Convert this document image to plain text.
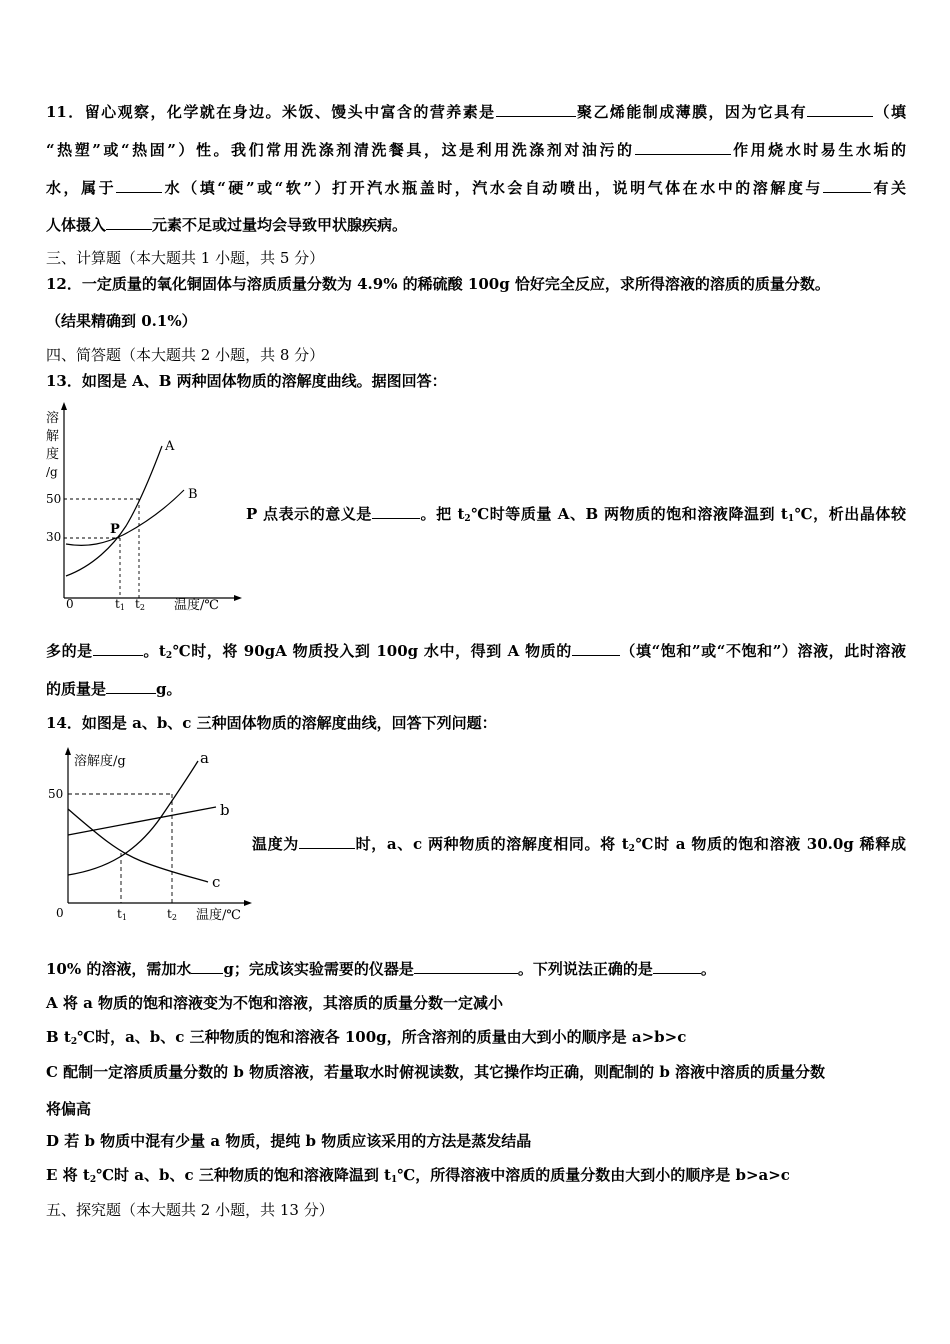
11．留心观察，化学就在身边。米饭、馒头中富含的营养素是	聚乙烯能制成薄膜，因为它具有	（填
“热塑”或“热固”）性。我们常用洗涤剂清洗餐具，这是利用洗涤剂对油污的	作用烧水时易生水垢的
水，属于	水（填“硬”或“软”）打开汽水瓶盖时，汽水会自动喷出，说明气体在水中的溶解度与	有关
人体摄入	元素不足或过量均会导致甲状腺疾病。
三、计算题（本大题共 1 小题，共 5 分）
12．一定质量的氧化铜固体与溶质质量分数为 4.9% 的稀硫酸 100g 恰好完全反应，求所得溶液的溶质的质量分数。
（结果精确到 0.1%）
四、简答题（本大题共 2 小题，共 8 分）
13．如图是 A、B 两种固体物质的溶解度曲线。据图回答：
溶
解
度
/g
50
30
0
A
B
P
t1 t2 温度/℃
P 点表示的意义是	。把 $t_2℃$时等质量 A、B 两物质的饱和溶液降温到 $t_1℃$，析出晶体较
多的是	。$t_2℃$时，将 90gA 物质投入到 100g 水中，得到 A 物质的	（填“饱和”或“不饱和”）溶液，此时溶液
的质量是	g。
14．如图是 a、b、c 三种固体物质的溶解度曲线，回答下列问题：
溶解度/g
50
0
a
b
c
t1	t2 温度/℃
温度为	时，a、c 两种物质的溶解度相同。将 $t_2℃$时 a 物质的饱和溶液 30.0g 稀释成
10% 的溶液，需加水 g；完成该实验需要的仪器是	。下列说法正确的是	。
A 将 a 物质的饱和溶液变为不饱和溶液，其溶质的质量分数一定减小
B $t_2℃$时，a、b、c 三种物质的饱和溶液各 100g，所含溶剂的质量由大到小的顺序是 a>b>c
C 配制一定溶质质量分数的 b 物质溶液，若量取水时俯视读数，其它操作均正确，则配制的 b 溶液中溶质的质量分数
将偏高
D 若 b 物质中混有少量 a 物质，提纯 b 物质应该采用的方法是蒸发结晶
E 将 $t_2℃$时 a、b、c 三种物质的饱和溶液降温到 $t_1℃$，所得溶液中溶质的质量分数由大到小的顺序是 b>a>c
五、探究题（本大题共 2 小题，共 13 分）
